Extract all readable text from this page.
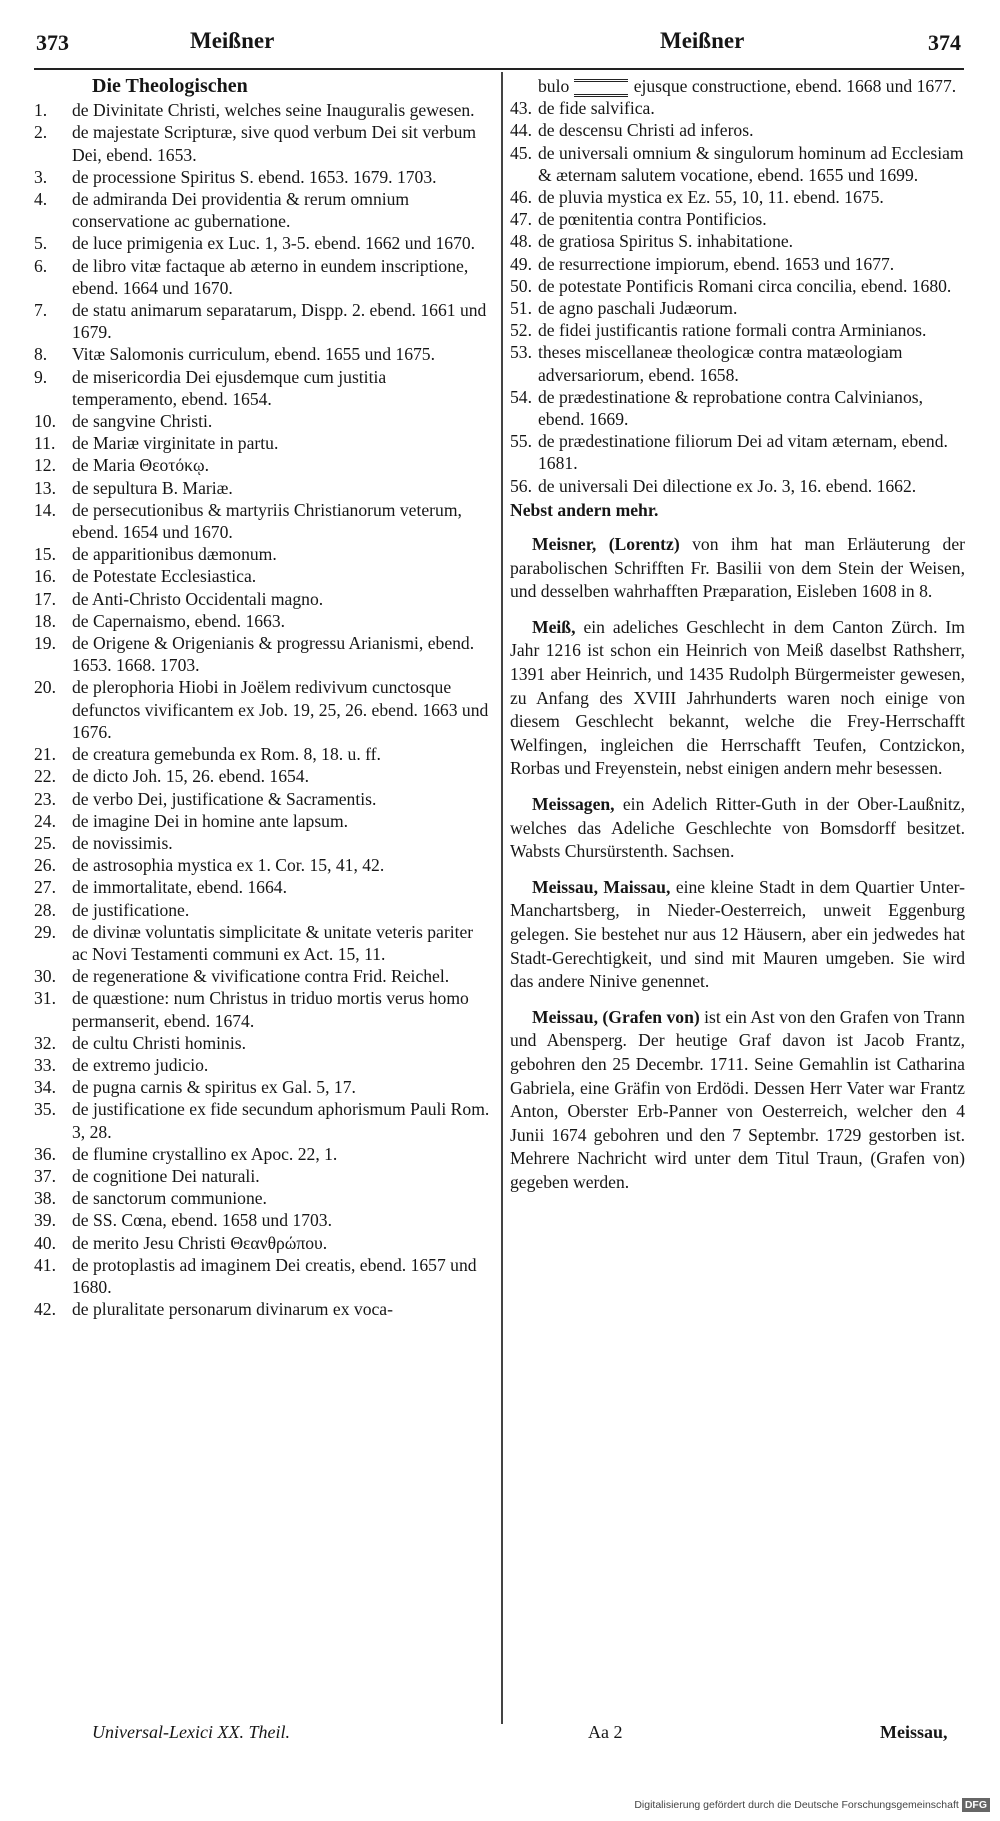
373	Meißner	Meißner	374

Die Theologischen

1. de Divinitate Christi, welches seine Inauguralis gewesen.

2. de majestate Scripturæ, sive quod verbum Dei sit verbum Dei, ebend. 1653.

3. de processione Spiritus S. ebend. 1653. 1679. 1703.

4. de admiranda Dei providentia & rerum omnium conservatione ac gubernatione.

5. de luce primigenia ex Luc. 1, 3-5. ebend. 1662 und 1670.

6. de libro vitæ factaque ab æterno in eundem inscriptione, ebend. 1664 und 1670.

7. de statu animarum separatarum, Dispp. 2. ebend. 1661 und 1679.

8. Vitæ Salomonis curriculum, ebend. 1655 und 1675.

9. de misericordia Dei ejusdemque cum justitia temperamento, ebend. 1654.

10. de sangvine Christi.

11. de Mariæ virginitate in partu.

12. de Maria Θεοτόκῳ.

13. de sepultura B. Mariæ.

14. de persecutionibus & martyriis Christianorum veterum, ebend. 1654 und 1670.

15. de apparitionibus dæmonum.

16. de Potestate Ecclesiastica.

17. de Anti-Christo Occidentali magno.

18. de Capernaismo, ebend. 1663.

19. de Origene & Origenianis & progressu Arianismi, ebend. 1653. 1668. 1703.

20. de plerophoria Hiobi in Joëlem redivivum cunctosque defunctos vivificantem ex Job. 19, 25, 26. ebend. 1663 und 1676.

21. de creatura gemebunda ex Rom. 8, 18. u. ff.

22. de dicto Joh. 15, 26. ebend. 1654.

23. de verbo Dei, justificatione & Sacramentis.

24. de imagine Dei in homine ante lapsum.

25. de novissimis.

26. de astrosophia mystica ex 1. Cor. 15, 41, 42.

27. de immortalitate, ebend. 1664.

28. de justificatione.

29. de divinæ voluntatis simplicitate & unitate veteris pariter ac Novi Testamenti communi ex Act. 15, 11.

30. de regeneratione & vivificatione contra Frid. Reichel.

31. de quæstione: num Christus in triduo mortis verus homo permanserit, ebend. 1674.

32. de cultu Christi hominis.

33. de extremo judicio.

34. de pugna carnis & spiritus ex Gal. 5, 17.

35. de justificatione ex fide secundum aphorismum Pauli Rom. 3, 28.

36. de flumine crystallino ex Apoc. 22, 1.

37. de cognitione Dei naturali.

38. de sanctorum communione.

39. de SS. Cœna, ebend. 1658 und 1703.

40. de merito Jesu Christi Θεανθρώπου.

41. de protoplastis ad imaginem Dei creatis, ebend. 1657 und 1680.

42. de pluralitate personarum divinarum ex voca-

bulo	ejusque constructione, ebend. 1668 und 1677.

43. de fide salvifica.

44. de descensu Christi ad inferos.

45. de universali omnium & singulorum hominum ad Ecclesiam & æternam salutem vocatione, ebend. 1655 und 1699.

46. de pluvia mystica ex Ez. 55, 10, 11. ebend. 1675.

47. de pœnitentia contra Pontificios.

48. de gratiosa Spiritus S. inhabitatione.

49. de resurrectione impiorum, ebend. 1653 und 1677.

50. de potestate Pontificis Romani circa concilia, ebend. 1680.

51. de agno paschali Judæorum.

52. de fidei justificantis ratione formali contra Arminianos.

53. theses miscellaneæ theologicæ contra matæologiam adversariorum, ebend. 1658.

54. de prædestinatione & reprobatione contra Calvinianos, ebend. 1669.

55. de prædestinatione filiorum Dei ad vitam æternam, ebend. 1681.

56. de universali Dei dilectione ex Jo. 3, 16. ebend. 1662.

Nebst andern mehr.

Meisner, (Lorentz) von ihm hat man Erläuterung der parabolischen Schrifften Fr. Basilii von dem Stein der Weisen, und desselben wahrhafften Præparation, Eisleben 1608 in 8.

Meiß, ein adeliches Geschlecht in dem Canton Zürch. Im Jahr 1216 ist schon ein Heinrich von Meiß daselbst Rathsherr, 1391 aber Heinrich, und 1435 Rudolph Bürgermeister gewesen, zu Anfang des XVIII Jahrhunderts waren noch einige von diesem Geschlecht bekannt, welche die Frey-Herrschafft Welfingen, ingleichen die Herrschafft Teufen, Contzickon, Rorbas und Freyenstein, nebst einigen andern mehr besessen.

Meissagen, ein Adelich Ritter-Guth in der Ober-Laußnitz, welches das Adeliche Geschlechte von Bomsdorff besitzet. Wabsts Chursürstenth. Sachsen.

Meissau, Maissau, eine kleine Stadt in dem Quartier Unter-Manchartsberg, in Nieder-Oesterreich, unweit Eggenburg gelegen. Sie bestehet nur aus 12 Häusern, aber ein jedwedes hat Stadt-Gerechtigkeit, und sind mit Mauren umgeben. Sie wird das andere Ninive genennet.

Meissau, (Grafen von) ist ein Ast von den Grafen von Trann und Abensperg. Der heutige Graf davon ist Jacob Frantz, gebohren den 25 Decembr. 1711. Seine Gemahlin ist Catharina Gabriela, eine Gräfin von Erdödi. Dessen Herr Vater war Frantz Anton, Oberster Erb-Panner von Oesterreich, welcher den 4 Junii 1674 gebohren und den 7 Septembr. 1729 gestorben ist. Mehrere Nachricht wird unter dem Titul Traun, (Grafen von) gegeben werden.

Universal-Lexici XX. Theil.	Aa 2	Meissau,
Digitalisierung gefördert durch die Deutsche Forschungsgemeinschaft DFG
